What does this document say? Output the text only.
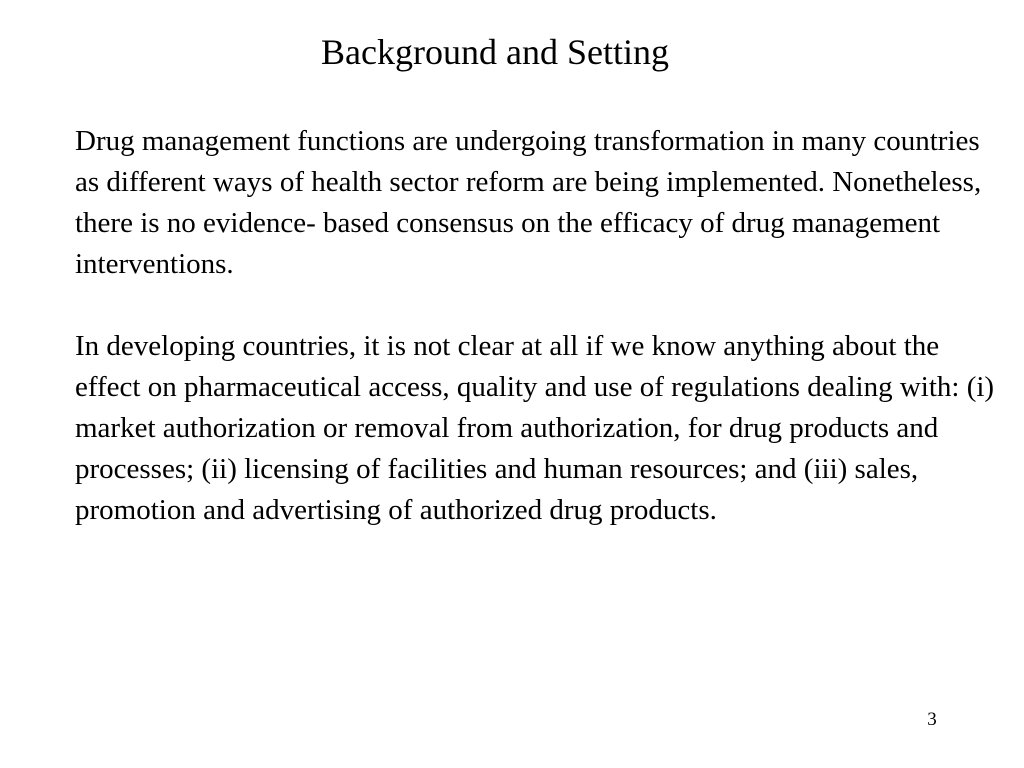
Background and Setting

Drug management functions are undergoing transformation in many countries as different ways of health sector reform are being implemented. Nonetheless, there is no evidence- based consensus on the efficacy of drug management interventions.

In developing countries, it is not clear at all if we know anything about the effect on pharmaceutical access, quality and use of regulations dealing with: (i) market authorization or removal from authorization, for drug products and processes; (ii) licensing of facilities and human resources; and (iii) sales, promotion and advertising of authorized drug products.

3
